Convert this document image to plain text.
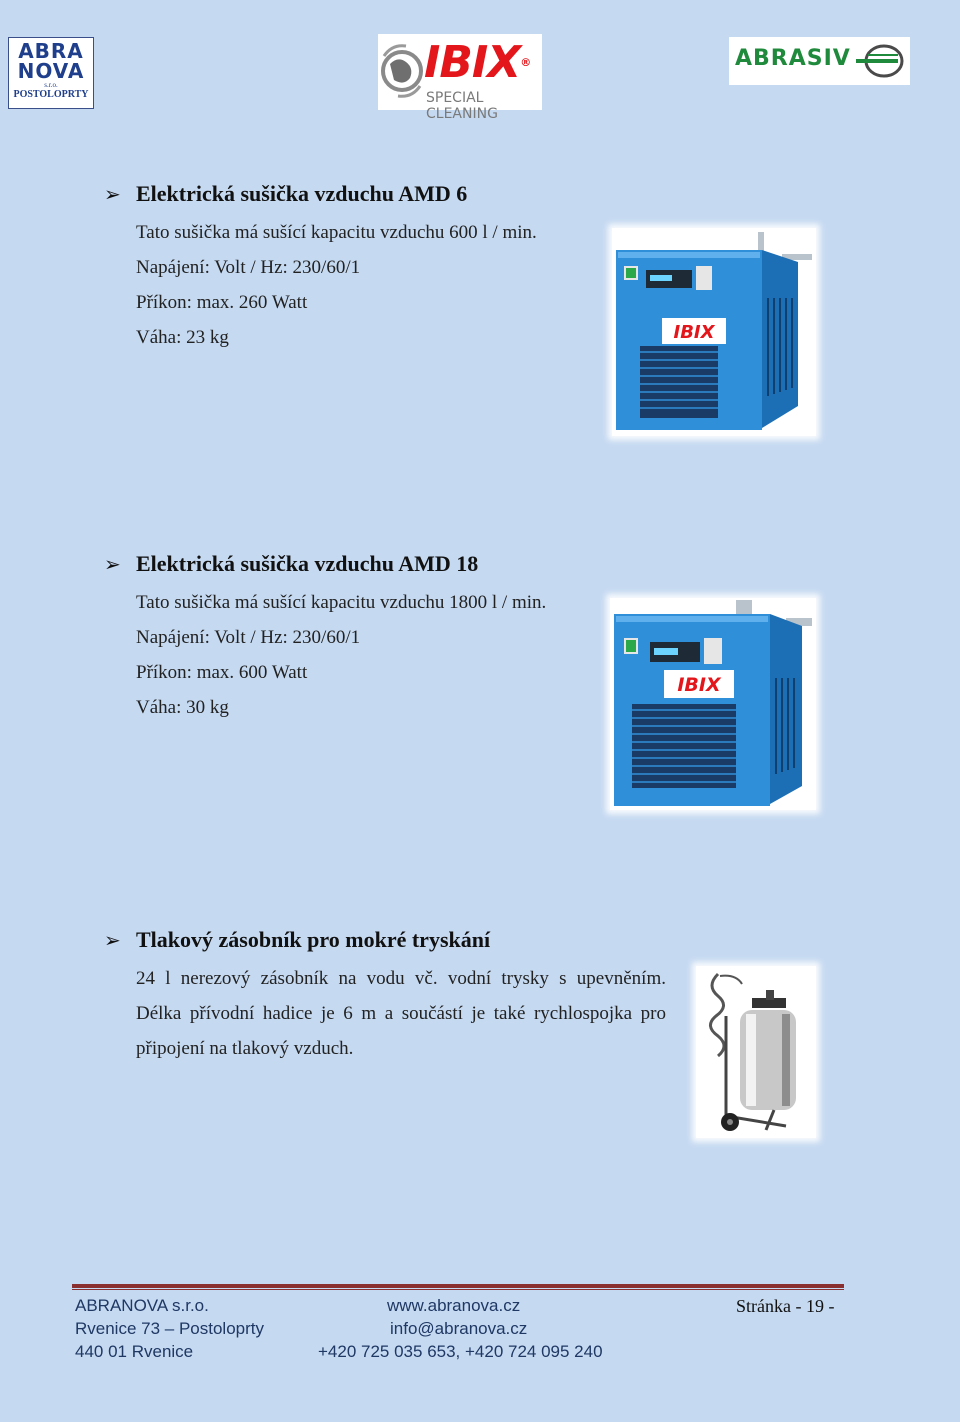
ABRA
NOVA
s.r.o.
POSTOLOPRTY
IBIX®
SPECIAL CLEANING
ABRASIV
➢ Elektrická sušička vzduchu AMD 6
Tato sušička má sušící kapacitu vzduchu 600 l / min.
Napájení: Volt / Hz: 230/60/1
Příkon: max. 260 Watt
Váha: 23 kg	IBIX
➢ Elektrická sušička vzduchu AMD 18
Tato sušička má sušící kapacitu vzduchu 1800 l / min.
Napájení: Volt / Hz: 230/60/1
Příkon: max. 600 Watt
Váha: 30 kg
IBIX
➢ Tlakový zásobník pro mokré tryskání
24 l nerezový zásobník na vodu vč. vodní trysky s upevněním.
Délka přívodní hadice je 6 m a součástí je také rychlospojka pro
připojení na tlakový vzduch.
ABRANOVA s.r.o.
Rvenice 73 – Postoloprty
440 01 Rvenice
www.abranova.cz
info@abranova.cz
+420 725 035 653, +420 724 095 240
Stránka - 19 -
